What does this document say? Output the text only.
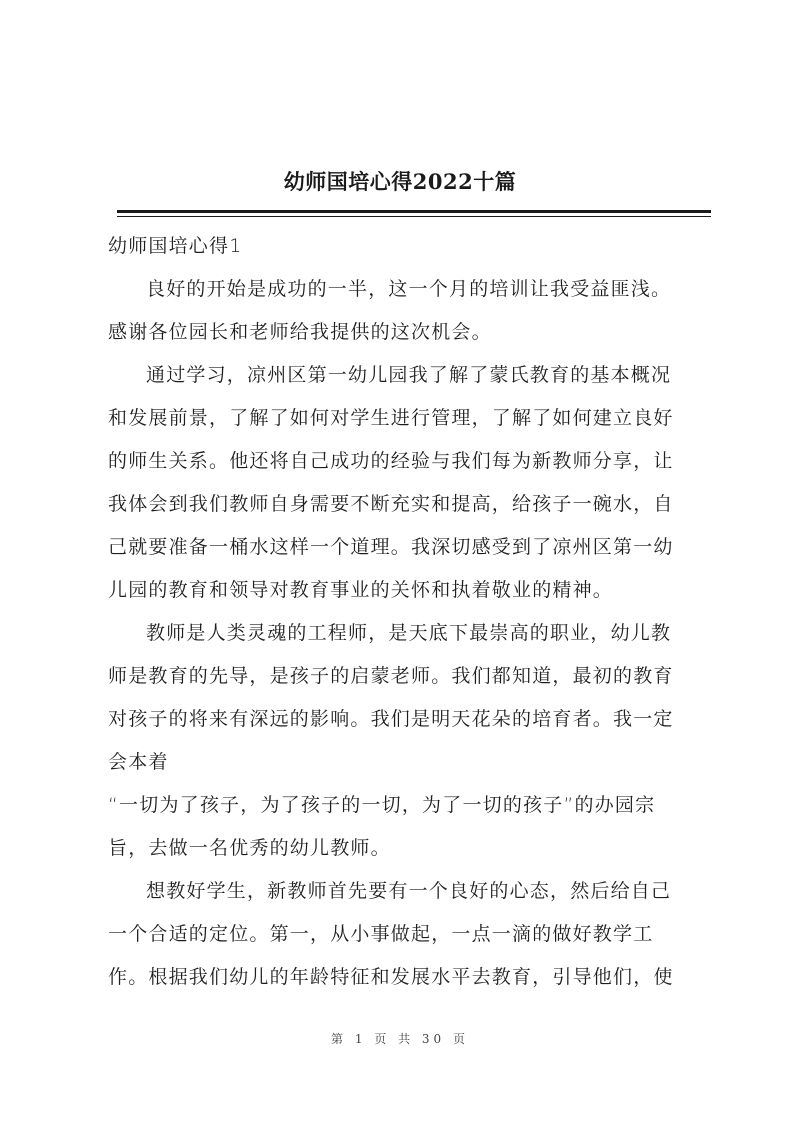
幼师国培心得2022十篇
幼师国培心得1
良好的开始是成功的一半，这一个月的培训让我受益匪浅。
感谢各位园长和老师给我提供的这次机会。
通过学习，凉州区第一幼儿园我了解了蒙氏教育的基本概况
和发展前景，了解了如何对学生进行管理，了解了如何建立良好
的师生关系。他还将自己成功的经验与我们每为新教师分享，让
我体会到我们教师自身需要不断充实和提高，给孩子一碗水，自
己就要准备一桶水这样一个道理。我深切感受到了凉州区第一幼
儿园的教育和领导对教育事业的关怀和执着敬业的精神。
教师是人类灵魂的工程师，是天底下最崇高的职业，幼儿教
师是教育的先导，是孩子的启蒙老师。我们都知道，最初的教育
对孩子的将来有深远的影响。我们是明天花朵的培育者。我一定
会本着
“一切为了孩子，为了孩子的一切，为了一切的孩子”的办园宗
旨，去做一名优秀的幼儿教师。
想教好学生，新教师首先要有一个良好的心态，然后给自己
一个合适的定位。第一，从小事做起，一点一滴的做好教学工
作。根据我们幼儿的年龄特征和发展水平去教育，引导他们，使
第 1 页 共 30 页
